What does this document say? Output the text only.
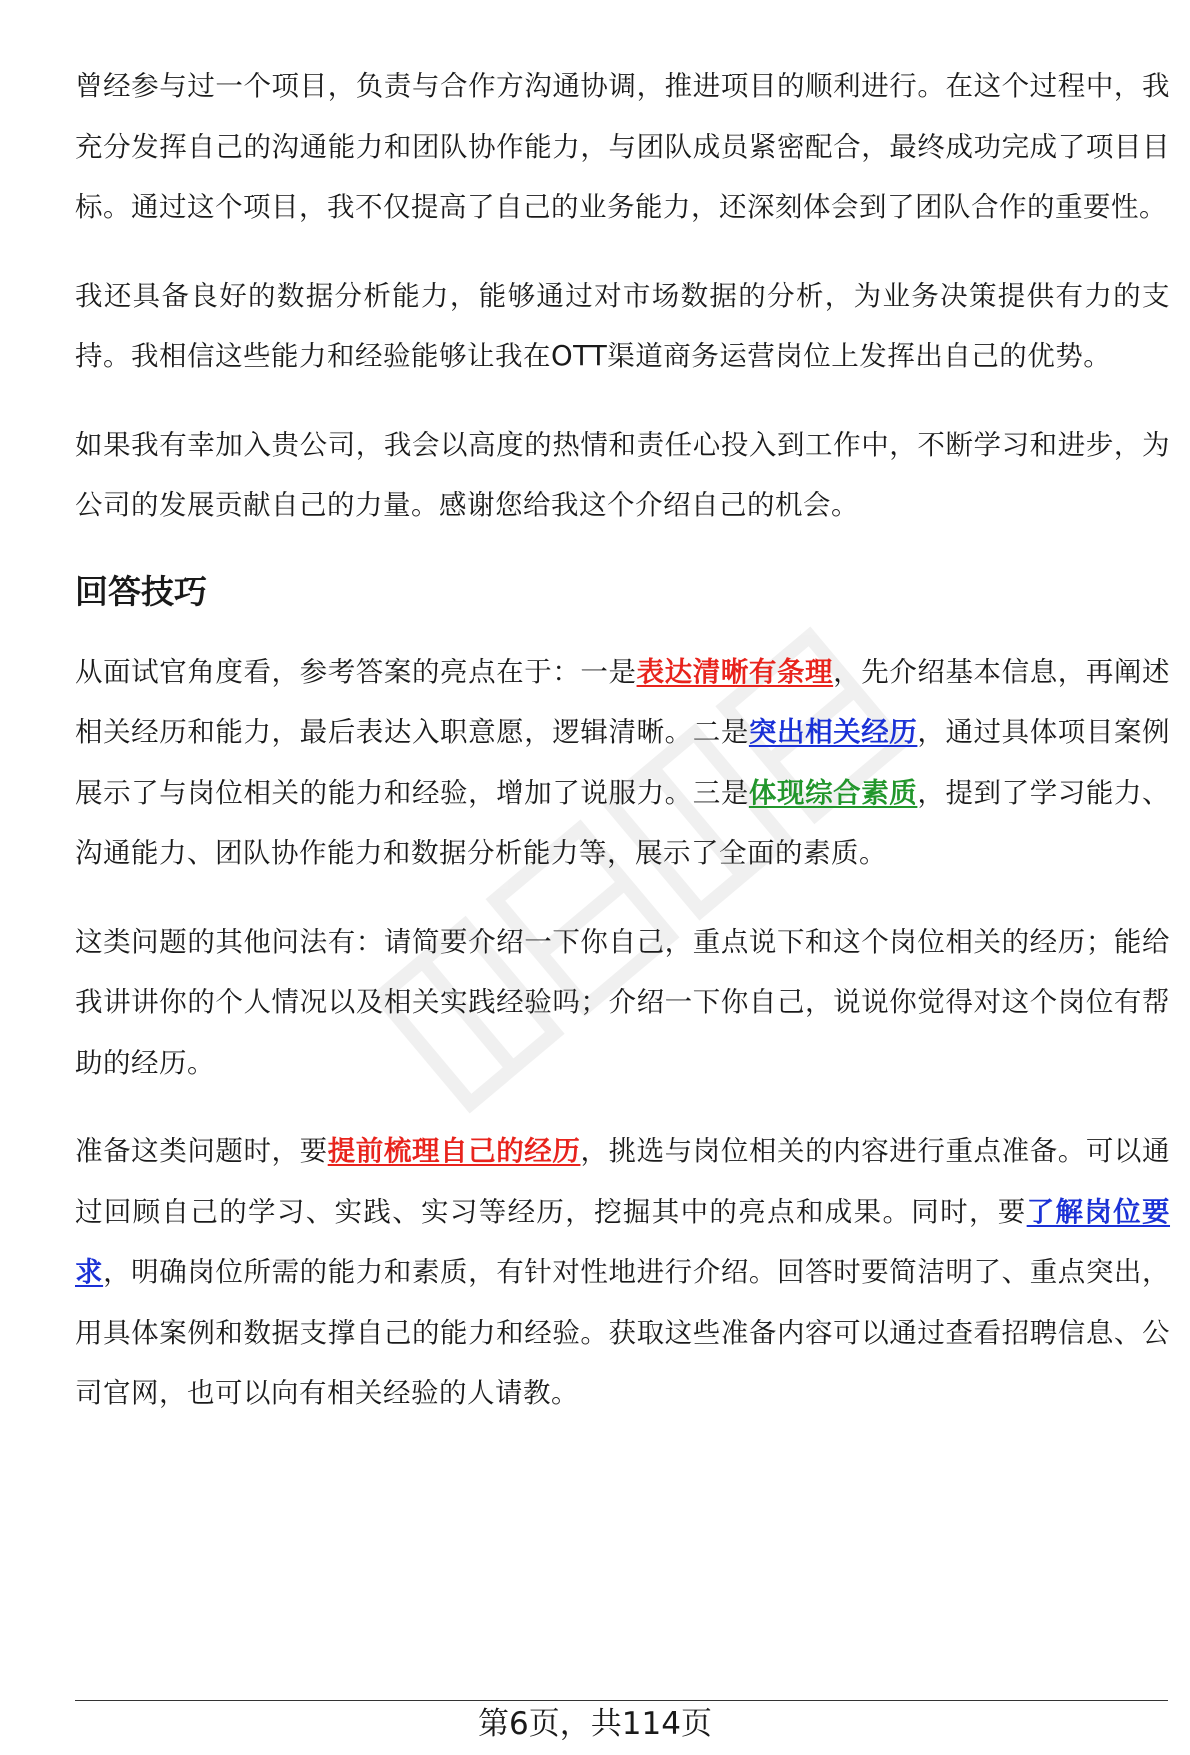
曾经参与过一个项目，负责与合作方沟通协调，推进项目的顺利进行。在这个过程中，我充分发挥自己的沟通能力和团队协作能力，与团队成员紧密配合，最终成功完成了项目目标。通过这个项目，我不仅提高了自己的业务能力，还深刻体会到了团队合作的重要性。

我还具备良好的数据分析能力，能够通过对市场数据的分析，为业务决策提供有力的支持。我相信这些能力和经验能够让我在OTT渠道商务运营岗位上发挥出自己的优势。

如果我有幸加入贵公司，我会以高度的热情和责任心投入到工作中，不断学习和进步，为公司的发展贡献自己的力量。感谢您给我这个介绍自己的机会。

回答技巧

从面试官角度看，参考答案的亮点在于：一是表达清晰有条理，先介绍基本信息，再阐述相关经历和能力，最后表达入职意愿，逻辑清晰。二是突出相关经历，通过具体项目案例展示了与岗位相关的能力和经验，增加了说服力。三是体现综合素质，提到了学习能力、沟通能力、团队协作能力和数据分析能力等，展示了全面的素质。

这类问题的其他问法有：请简要介绍一下你自己，重点说下和这个岗位相关的经历；能给我讲讲你的个人情况以及相关实践经验吗；介绍一下你自己，说说你觉得对这个岗位有帮助的经历。

准备这类问题时，要提前梳理自己的经历，挑选与岗位相关的内容进行重点准备。可以通过回顾自己的学习、实践、实习等经历，挖掘其中的亮点和成果。同时，要了解岗位要求，明确岗位所需的能力和素质，有针对性地进行介绍。回答时要简洁明了、重点突出，用具体案例和数据支撑自己的能力和经验。获取这些准备内容可以通过查看招聘信息、公司官网，也可以向有相关经验的人请教。

第6页，共114页
